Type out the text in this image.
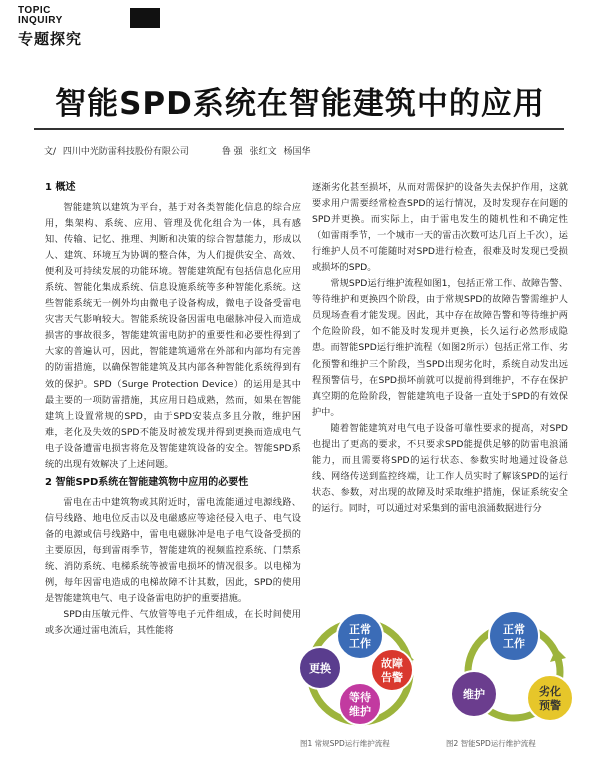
TOPIC
INQUIRY
专题探究
智能SPD系统在智能建筑中的应用
文/ 四川中光防雷科技股份有限公司	鲁 强 张红文 杨国华
1 概述

智能建筑以建筑为平台，基于对各类智能化信息的综合应用，集架构、系统、应用、管理及优化组合为一体，具有感知、传输、记忆、推理、判断和决策的综合智慧能力，形成以人、建筑、环境互为协调的整合体，为人们提供安全、高效、便利及可持续发展的功能环境。智能建筑配有包括信息化应用系统、智能化集成系统、信息设施系统等多种智能化系统。这些智能系统无一例外均由微电子设备构成，微电子设备受雷电灾害天气影响较大。智能系统设备因雷电电磁脉冲侵入而造成损害的事故很多，智能建筑雷电防护的重要性和必要性得到了大家的普遍认可，因此，智能建筑通常在外部和内部均有完善的防雷措施，以确保智能建筑及其内部各种智能化系统得到有效的保护。SPD（Surge Protection Device）的运用是其中最主要的一项防雷措施，其应用日趋成熟，然而，如果在智能建筑上设置常规的SPD，由于SPD安装点多且分散，维护困难，老化及失效的SPD不能及时被发现并得到更换而造成电气电子设备遭雷电损害将危及智能建筑设备的安全。智能SPD系统的出现有效解决了上述问题。

2 智能SPD系统在智能建筑物中应用的必要性

雷电在击中建筑物或其附近时，雷电流能通过电源线路、信号线路、地电位反击以及电磁感应等途径侵入电子、电气设备的电源或信号线路中，雷电电磁脉冲是电子电气设备受损的主要原因，每到雷雨季节，智能建筑的视频监控系统、门禁系统、消防系统、电梯系统等被雷电损坏的情况很多。以电梯为例，每年因雷电造成的电梯故障不计其数，因此，SPD的使用是智能建筑电气、电子设备雷电防护的重要措施。

SPD由压敏元件、气放管等电子元件组成，在长时间使用或多次通过雷电流后，其性能将

逐渐劣化甚至损坏，从而对需保护的设备失去保护作用，这就要求用户需要经常检查SPD的运行情况，及时发现存在问题的SPD并更换。而实际上，由于雷电发生的随机性和不确定性（如雷雨季节，一个城市一天的雷击次数可达几百上千次），运行维护人员不可能随时对SPD进行检查，很难及时发现已受损或损坏的SPD。

常规SPD运行维护流程如图1，包括正常工作、故障告警、等待维护和更换四个阶段，由于常规SPD的故障告警需维护人员现场查看才能发现。因此，其中存在故障告警和等待维护两个危险阶段，如不能及时发现并更换，长久运行必然形成隐患。而智能SPD运行维护流程（如图2所示）包括正常工作、劣化预警和维护三个阶段，当SPD出现劣化时，系统自动发出远程预警信号，在SPD损坏前就可以提前得到维护，不存在保护真空期的危险阶段，智能建筑电子设备一直处于SPD的有效保护中。

随着智能建筑对电气电子设备可靠性要求的提高，对SPD也提出了更高的要求，不只要求SPD能提供足够的防雷电浪涌能力，而且需要将SPD的运行状态、参数实时地通过设备总线、网络传送到监控终端，让工作人员实时了解该SPD的运行状态、参数，对出现的故障及时采取维护措施，保证系统安全的运行。同时，可以通过对采集到的雷电浪涌数据进行分

正常
工作
故障
告警
等待
维护
更换
图1 常规SPD运行维护流程
正常
工作
劣化
预警
维护
图2 智能SPD运行维护流程
